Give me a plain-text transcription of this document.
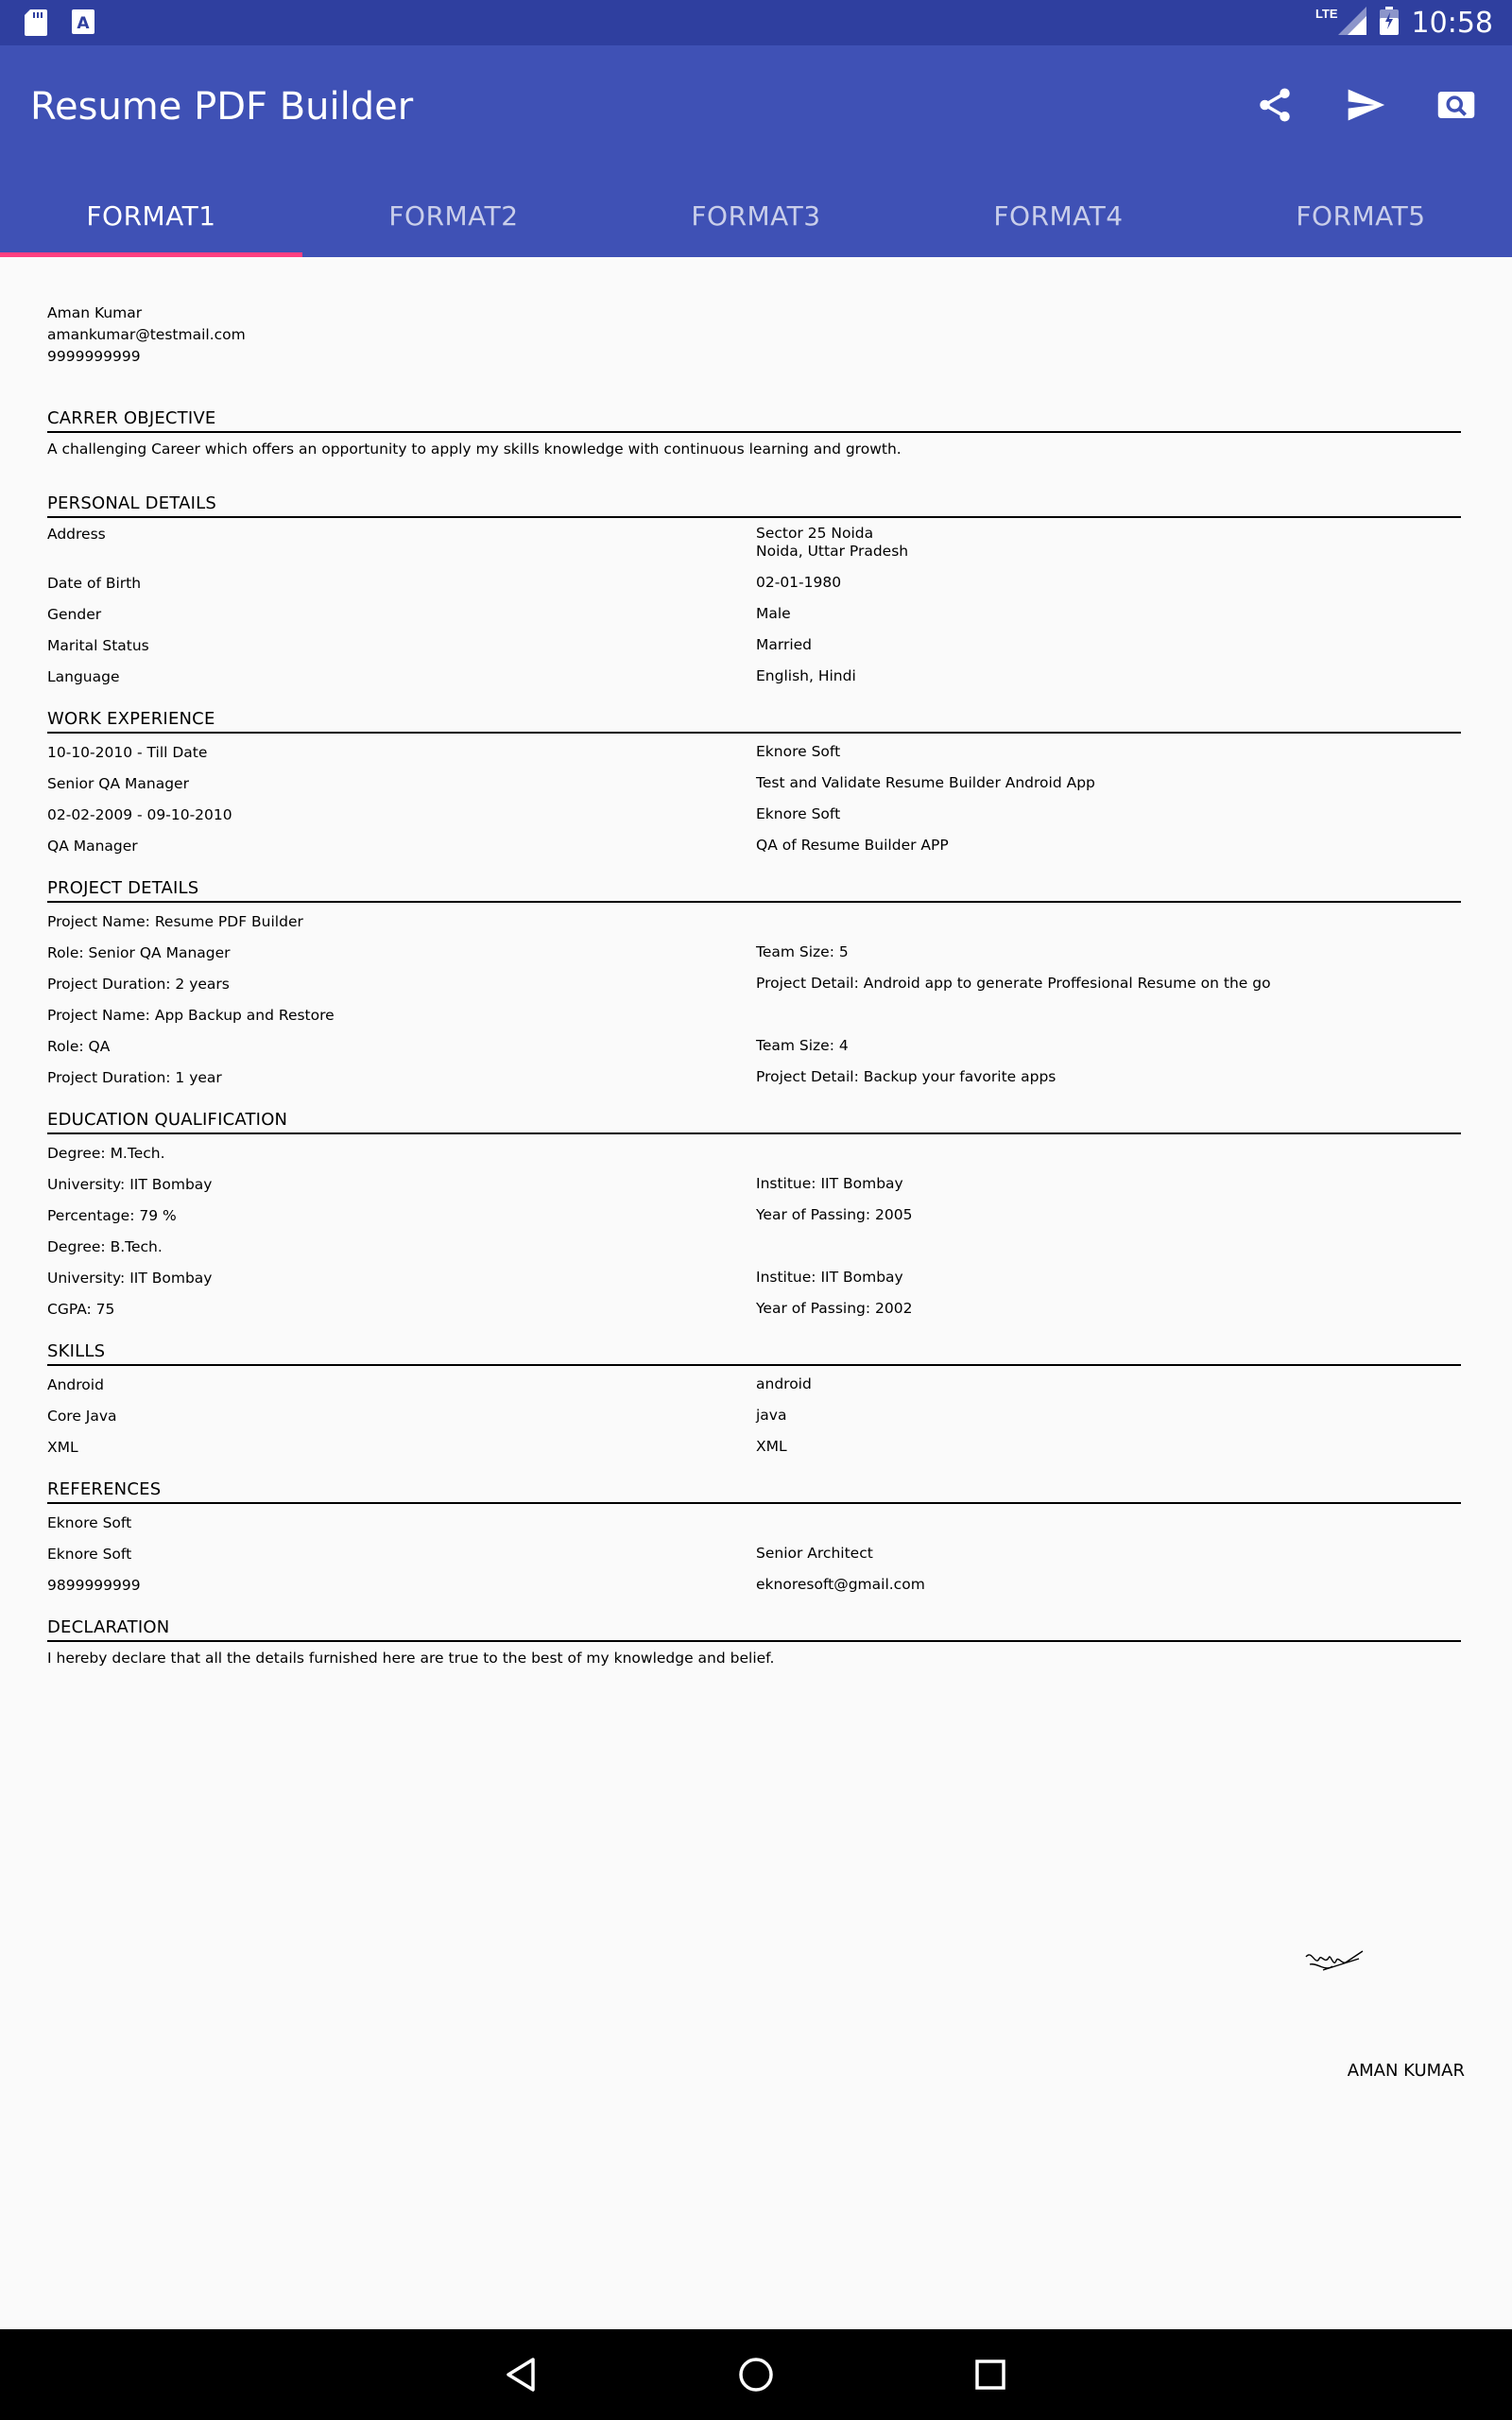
A
LTE	10:58
Resume PDF Builder
FORMAT1	FORMAT2	FORMAT3	FORMAT4	FORMAT5
Aman Kumar
amankumar@testmail.com
9999999999
CARRER OBJECTIVE
A challenging Career which offers an opportunity to apply my skills knowledge with continuous learning and growth.
PERSONAL DETAILS
Address	Sector 25 Noida
Noida, Uttar Pradesh
Date of Birth	02-01-1980
Gender	Male
Marital Status	Married
Language	English, Hindi
WORK EXPERIENCE
10-10-2010 - Till Date	Eknore Soft
Senior QA Manager	Test and Validate Resume Builder Android App
02-02-2009 - 09-10-2010	Eknore Soft
QA Manager	QA of Resume Builder APP
PROJECT DETAILS
Project Name: Resume PDF Builder
Role: Senior QA Manager	Team Size: 5
Project Duration: 2 years	Project Detail: Android app to generate Proffesional Resume on the go
Project Name: App Backup and Restore
Role: QA	Team Size: 4
Project Duration: 1 year	Project Detail: Backup your favorite apps
EDUCATION QUALIFICATION
Degree: M.Tech.
University: IIT Bombay	Institue: IIT Bombay
Percentage: 79 %	Year of Passing: 2005
Degree: B.Tech.
University: IIT Bombay	Institue: IIT Bombay
CGPA: 75	Year of Passing: 2002
SKILLS
Android	android
Core Java	java
XML	XML
REFERENCES
Eknore Soft
Eknore Soft	Senior Architect
9899999999	eknoresoft@gmail.com
DECLARATION
I hereby declare that all the details furnished here are true to the best of my knowledge and belief.
AMAN KUMAR
